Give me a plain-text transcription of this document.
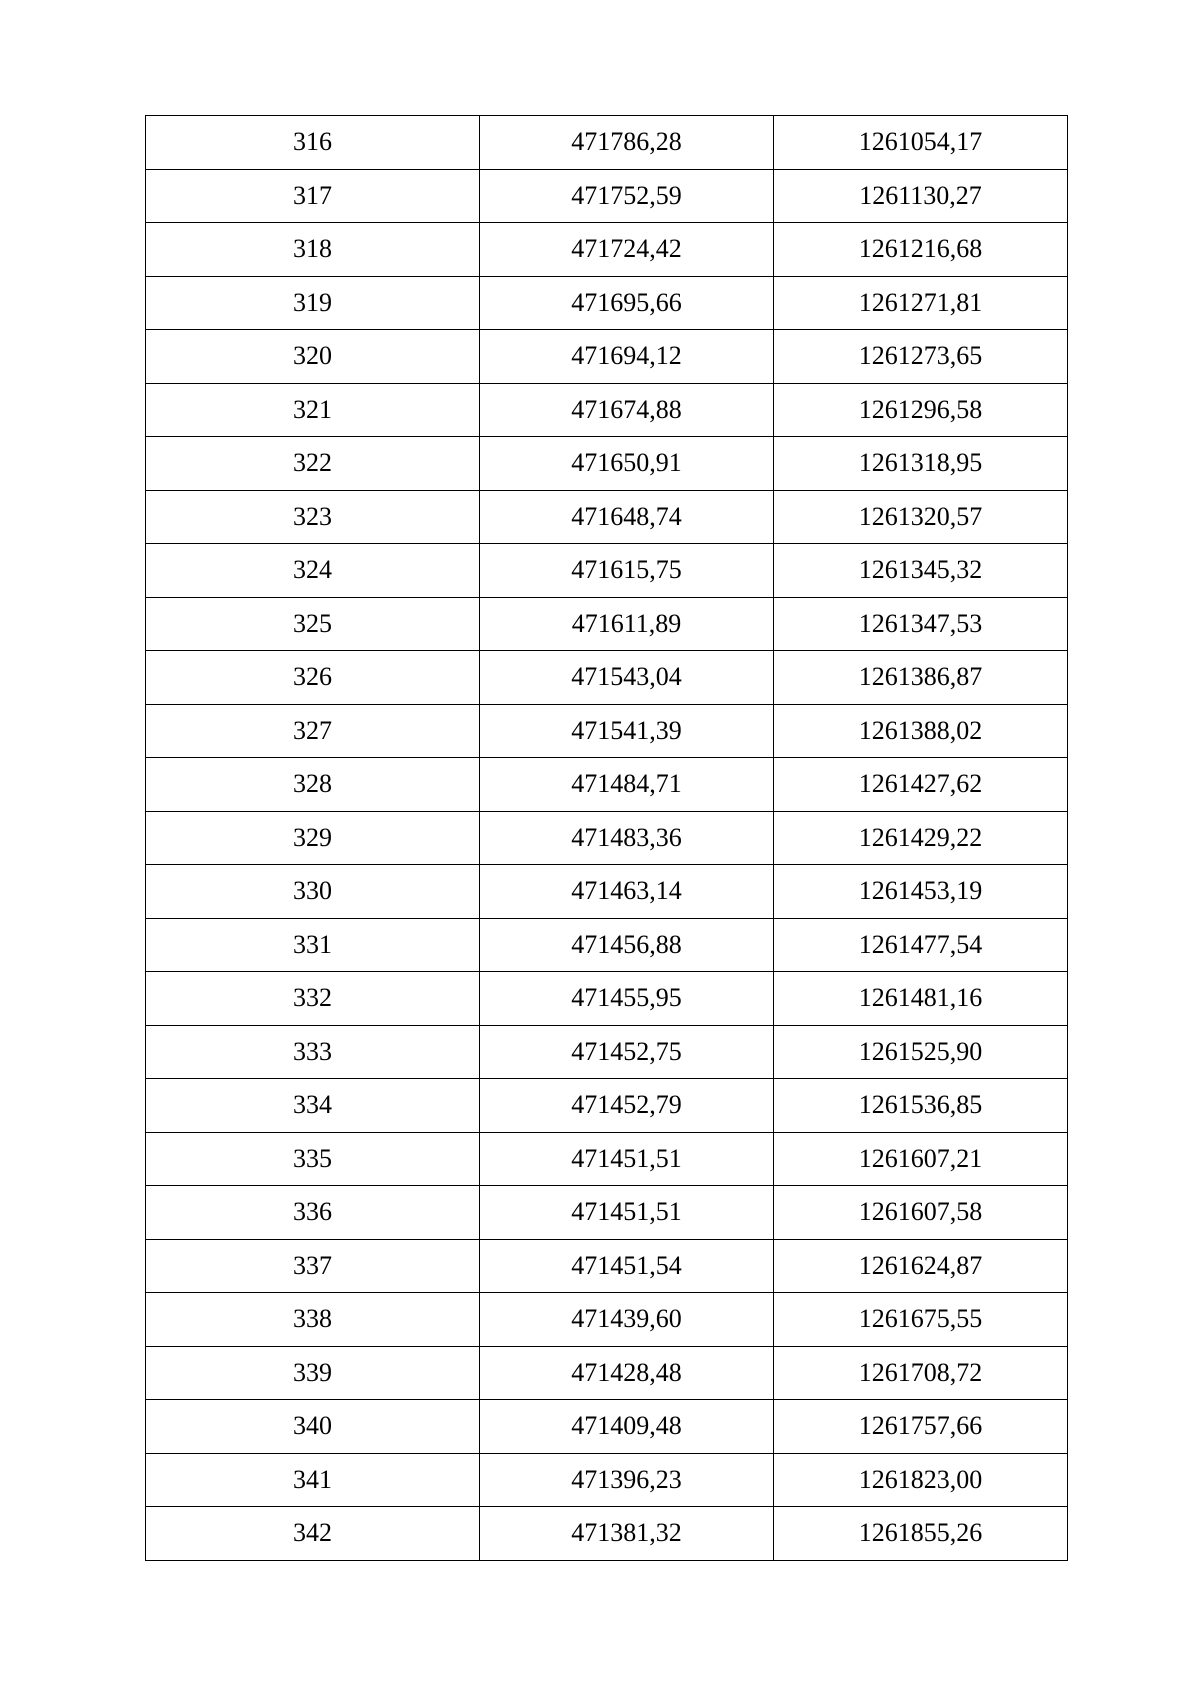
316	471786,28	1261054,17
317	471752,59	1261130,27
318	471724,42	1261216,68
319	471695,66	1261271,81
320	471694,12	1261273,65
321	471674,88	1261296,58
322	471650,91	1261318,95
323	471648,74	1261320,57
324	471615,75	1261345,32
325	471611,89	1261347,53
326	471543,04	1261386,87
327	471541,39	1261388,02
328	471484,71	1261427,62
329	471483,36	1261429,22
330	471463,14	1261453,19
331	471456,88	1261477,54
332	471455,95	1261481,16
333	471452,75	1261525,90
334	471452,79	1261536,85
335	471451,51	1261607,21
336	471451,51	1261607,58
337	471451,54	1261624,87
338	471439,60	1261675,55
339	471428,48	1261708,72
340	471409,48	1261757,66
341	471396,23	1261823,00
342	471381,32	1261855,26
